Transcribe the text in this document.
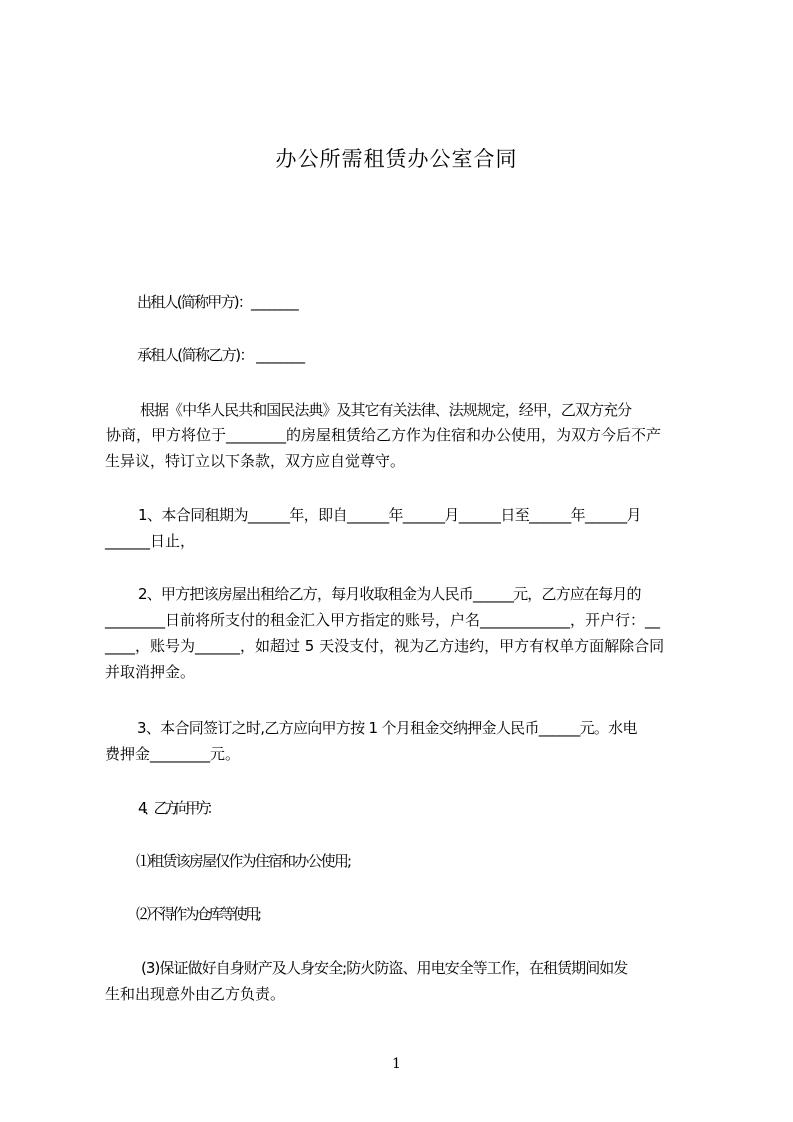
办公所需租赁办公室合同
出租人(简称甲方)：________
承租人(简称乙方)： ________
根据《中华人民共和国民法典》及其它有关法律、法规规定，经甲，乙双方充分
协商，甲方将位于________的房屋租赁给乙方作为住宿和办公使用，为双方今后不产
生异议，特订立以下条款，双方应自觉尊守。
1、本合同租期为______年，即自______年______月______日至______年______月
______日止，
2、甲方把该房屋出租给乙方，每月收取租金为人民币______元，乙方应在每月的
________日前将所支付的租金汇入甲方指定的账号，户名____________，开户行：__
____，账号为______，如超过 5 天没支付，视为乙方违约，甲方有权单方面解除合同
并取消押金。
3、本合同签订之时,乙方应向甲方按 1 个月租金交纳押金人民币______元。水电
费押金________元。
4、乙方向甲方：
⑴租赁该房屋仅作为住宿和办公使用;
⑵不得作为仓库等使用;
(3)保证做好自身财产及人身安全;防火防盗、用电安全等工作，在租赁期间如发
生和出现意外由乙方负责。
1
